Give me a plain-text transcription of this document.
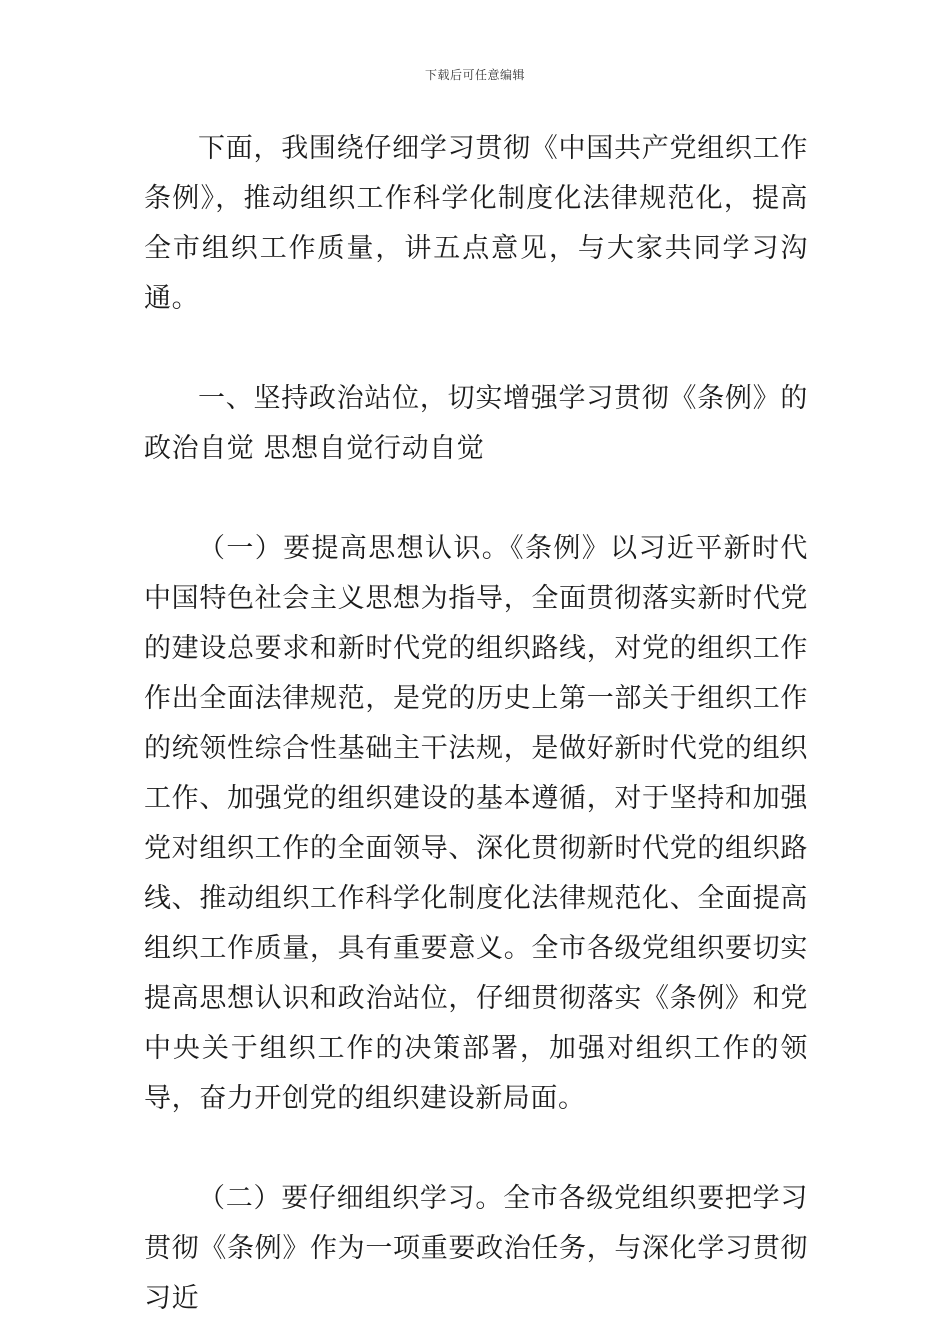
下载后可任意编辑

下面，我围绕仔细学习贯彻《中国共产党组织工作条例》，推动组织工作科学化制度化法律规范化，提高全市组织工作质量，讲五点意见，与大家共同学习沟通。

一、坚持政治站位，切实增强学习贯彻《条例》的政治自觉 思想自觉行动自觉

（一）要提高思想认识。《条例》以习近平新时代中国特色社会主义思想为指导，全面贯彻落实新时代党的建设总要求和新时代党的组织路线，对党的组织工作作出全面法律规范，是党的历史上第一部关于组织工作的统领性综合性基础主干法规，是做好新时代党的组织工作、加强党的组织建设的基本遵循，对于坚持和加强党对组织工作的全面领导、深化贯彻新时代党的组织路线、推动组织工作科学化制度化法律规范化、全面提高组织工作质量，具有重要意义。全市各级党组织要切实提高思想认识和政治站位，仔细贯彻落实《条例》和党中央关于组织工作的决策部署，加强对组织工作的领导，奋力开创党的组织建设新局面。

（二）要仔细组织学习。全市各级党组织要把学习贯彻《条例》作为一项重要政治任务，与深化学习贯彻习近
